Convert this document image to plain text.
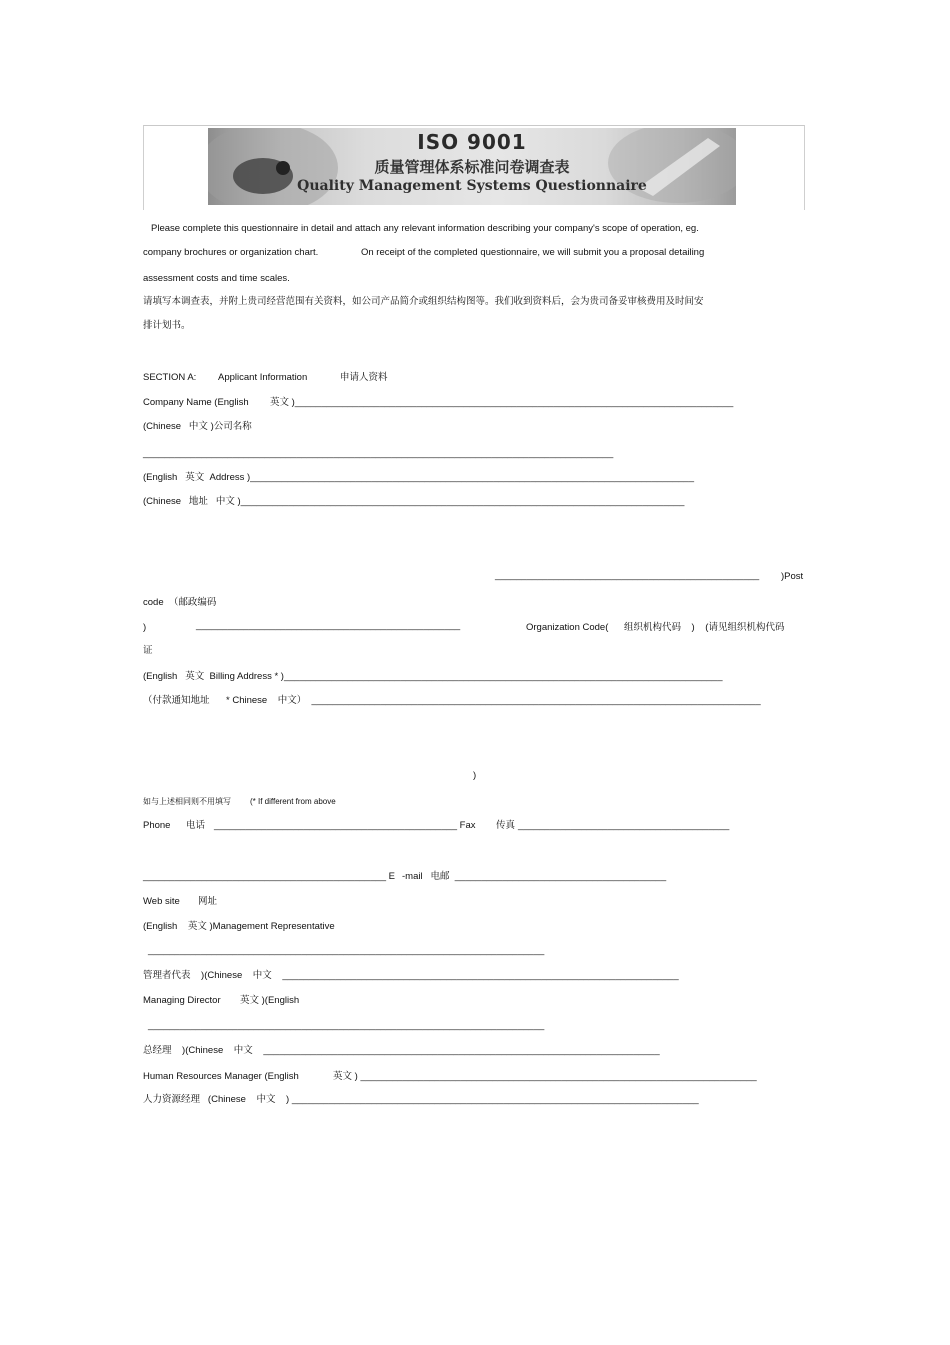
ISO 9001
质量管理体系标准问卷调查表
Quality Management Systems Questionnaire
Please complete this questionnaire in detail and attach any relevant information describing your company's scope of operation, eg.
company brochures or organization chart.	On receipt of the completed questionnaire, we will submit you a proposal detailing
assessment costs and time scales.
请填写本调查表，并附上贵司经营范围有关资料，如公司产品简介或组织结构图等。我们收到资料后，会为贵司备妥审核费用及时间安
排计划书。
SECTION A: Applicant Information	申请人资料
Company Name (English 英文 )___________________________________________________________________________________
(Chinese   中文 )公司名称
_________________________________________________________________________________________
(English   英文  Address )____________________________________________________________________________________
(Chinese   地址   中文 )____________________________________________________________________________________
__________________________________________________ )Post
code  （邮政编码
)	__________________________________________________	Organization Code( 组织机构代码    )    (请见组织机构代码
证
(English   英文  Billing Address * )___________________________________________________________________________________
（付款通知地址 * Chinese    中文）  _____________________________________________________________________________________
)
如与上述相同则不用填写 (* If different from above
Phone 电话 ______________________________________________ Fax 传真 ________________________________________
______________________________________________ E -mail   电邮  ________________________________________
Web site 网址
(English    英文 )Management Representative
___________________________________________________________________________
管理者代表    )(Chinese    中文    ___________________________________________________________________________
Managing Director 英文 )(English
___________________________________________________________________________
总经理    )(Chinese    中文    ___________________________________________________________________________
Human Resources Manager (English	英文 ) ___________________________________________________________________________
人力资源经理   (Chinese    中文    ) _____________________________________________________________________________
